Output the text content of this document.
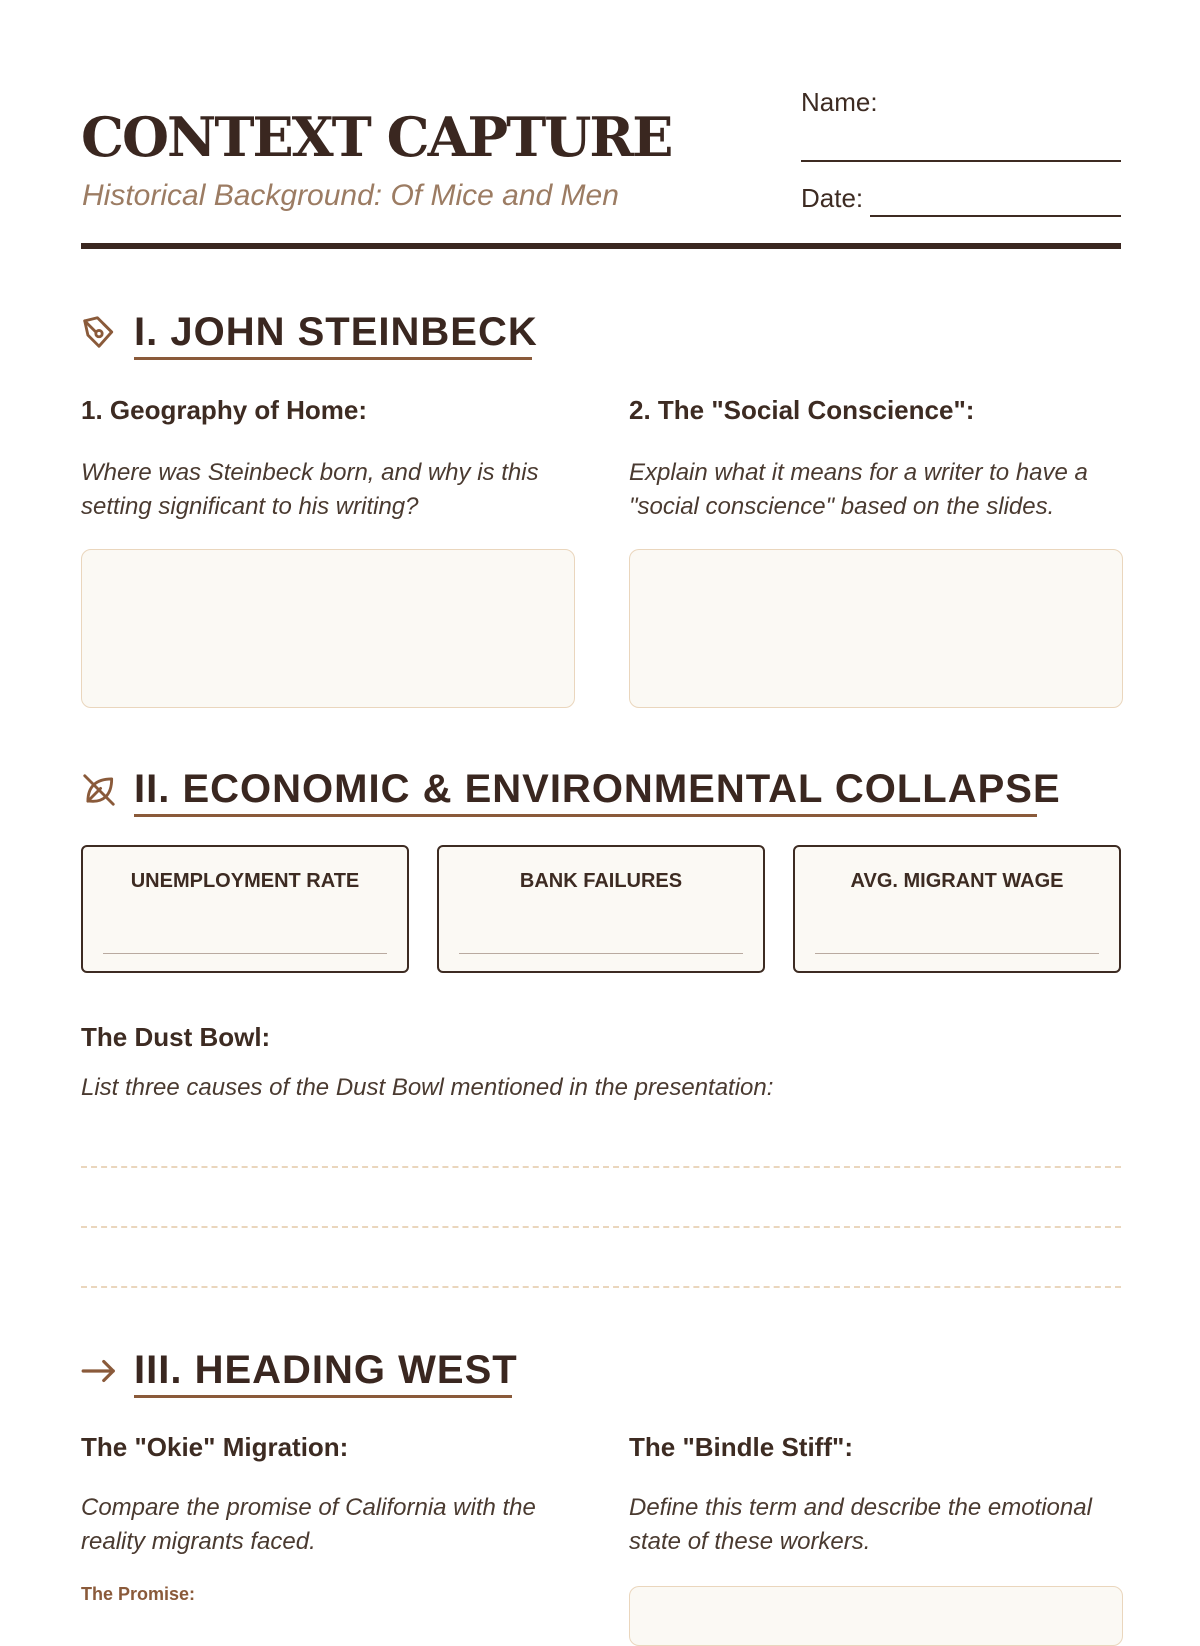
CONTEXT CAPTURE
Historical Background: Of Mice and Men
Name:
Date:
I. JOHN STEINBECK
1. Geography of Home:

Where was Steinbeck born, and why is this setting significant to his writing?

2. The "Social Conscience":

Explain what it means for a writer to have a "social conscience" based on the slides.

II. ECONOMIC & ENVIRONMENTAL COLLAPSE
UNEMPLOYMENT RATE	BANK FAILURES	AVG. MIGRANT WAGE
The Dust Bowl:

List three causes of the Dust Bowl mentioned in the presentation:

III. HEADING WEST
The "Okie" Migration:

Compare the promise of California with the reality migrants faced.

The Promise:
The "Bindle Stiff":

Define this term and describe the emotional state of these workers.
